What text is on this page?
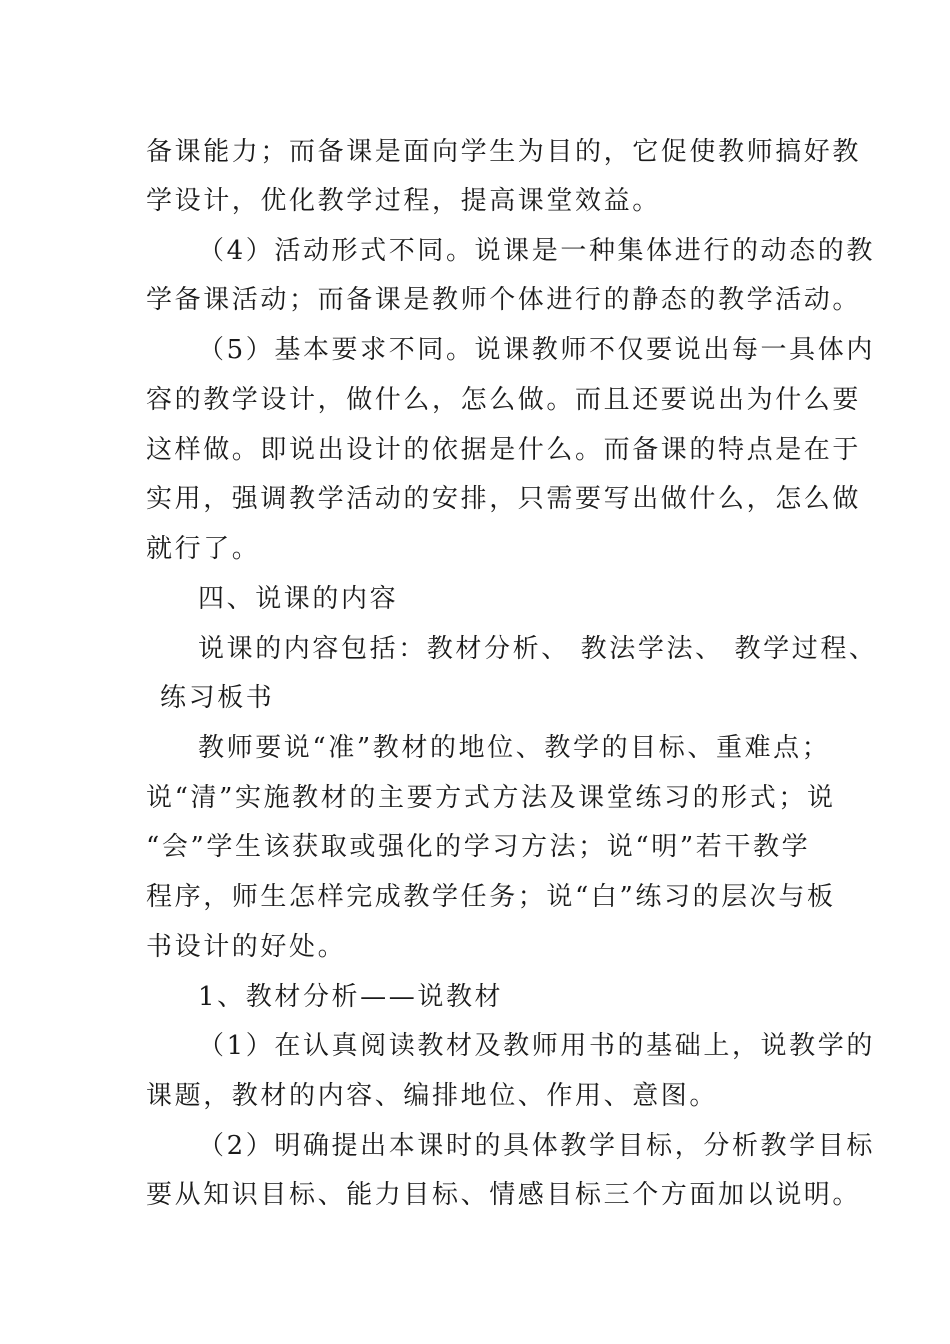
备课能力；而备课是面向学生为目的，它促使教师搞好教
学设计，优化教学过程，提高课堂效益。
（4）活动形式不同。说课是一种集体进行的动态的教
学备课活动；而备课是教师个体进行的静态的教学活动。
（5）基本要求不同。说课教师不仅要说出每一具体内
容的教学设计，做什么，怎么做。而且还要说出为什么要
这样做。即说出设计的依据是什么。而备课的特点是在于
实用，强调教学活动的安排，只需要写出做什么，怎么做
就行了。
四、说课的内容
说课的内容包括：教材分析、 教法学法、 教学过程、
练习板书
教师要说“准”教材的地位、教学的目标、重难点；
说“清”实施教材的主要方式方法及课堂练习的形式；说
“会”学生该获取或强化的学习方法；说“明”若干教学
程序，师生怎样完成教学任务；说“白”练习的层次与板
书设计的好处。
1、教材分析——说教材
（1）在认真阅读教材及教师用书的基础上，说教学的
课题，教材的内容、编排地位、作用、意图。
（2）明确提出本课时的具体教学目标，分析教学目标
要从知识目标、能力目标、情感目标三个方面加以说明。
